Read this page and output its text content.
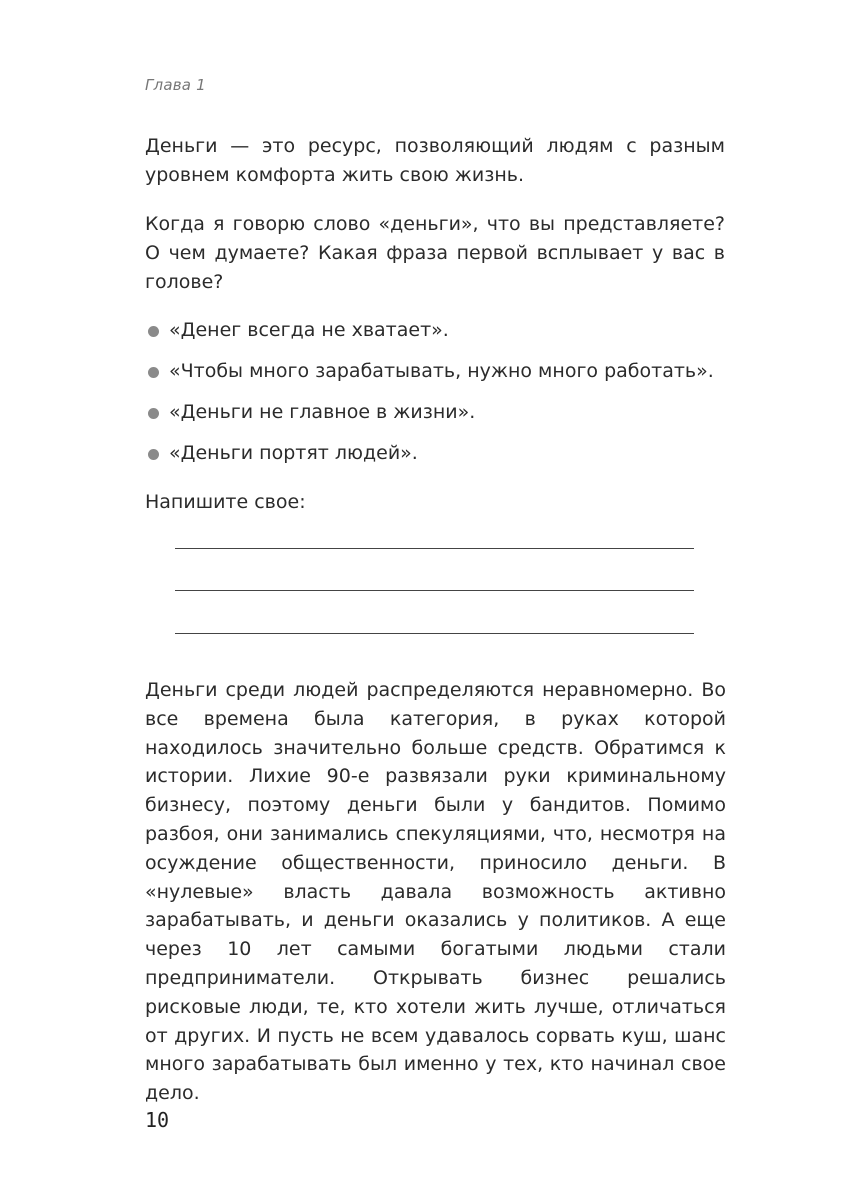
Глава 1

Деньги — это ресурс, позволяющий людям с разным уровнем комфорта жить свою жизнь.

Когда я говорю слово «деньги», что вы представляете? О чем думаете? Какая фраза первой всплывает у вас в голове?

«Денег всегда не хватает».
«Чтобы много зарабатывать, нужно много работать».
«Деньги не главное в жизни».
«Деньги портят людей».
Напишите свое:

Деньги среди людей распределяются неравномерно. Во все времена была категория, в руках которой находилось значительно больше средств. Обратимся к истории. Лихие 90-е развязали руки криминальному бизнесу, поэтому деньги были у бандитов. Помимо разбоя, они занимались спекуляциями, что, несмотря на осуждение общественности, приносило деньги. В «нулевые» власть давала возможность активно зарабатывать, и деньги оказались у политиков. А еще через 10 лет самыми богатыми людьми стали предприниматели. Открывать бизнес решались рисковые люди, те, кто хотели жить лучше, отличаться от других. И пусть не всем удавалось сорвать куш, шанс много зарабатывать был именно у тех, кто начинал свое дело.

10
